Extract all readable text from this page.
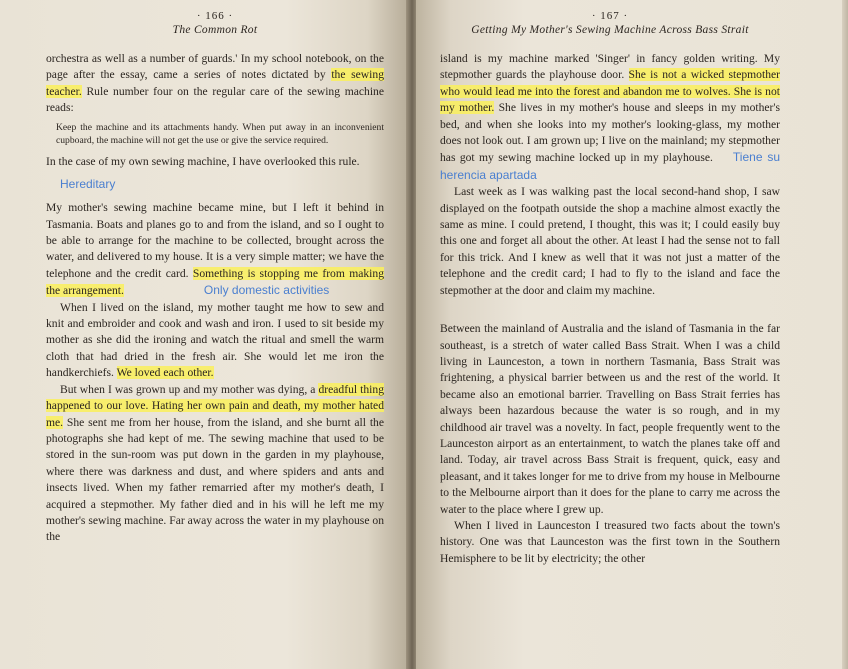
· 166 ·
The Common Rot

orchestra as well as a number of guards.' In my school notebook, on the page after the essay, came a series of notes dictated by the sewing teacher. Rule number four on the regular care of the sewing machine reads:

Keep the machine and its attachments handy. When put away in an inconvenient cupboard, the machine will not get the use or give the service required.

In the case of my own sewing machine, I have overlooked this rule.

Hereditary

My mother's sewing machine became mine, but I left it behind in Tasmania. Boats and planes go to and from the island, and so I ought to be able to arrange for the machine to be collected, brought across the water, and delivered to my house. It is a very simple matter; we have the telephone and the credit card. Something is stopping me from making the arrangement.	Only domestic activities

When I lived on the island, my mother taught me how to sew and knit and embroider and cook and wash and iron. I used to sit beside my mother as she did the ironing and watch the ritual and smell the warm cloth that had dried in the fresh air. She would let me iron the handkerchiefs. We loved each other.

But when I was grown up and my mother was dying, a dreadful thing happened to our love. Hating her own pain and death, my mother hated me. She sent me from her house, from the island, and she burnt all the photographs she had kept of me. The sewing machine that used to be stored in the sun-room was put down in the garden in my playhouse, where there was darkness and dust, and where spiders and ants and insects lived. When my father remarried after my mother's death, I acquired a stepmother. My father died and in his will he left me my mother's sewing machine. Far away across the water in my playhouse on the

· 167 ·
Getting My Mother's Sewing Machine Across Bass Strait

island is my machine marked 'Singer' in fancy golden writing. My stepmother guards the playhouse door. She is not a wicked stepmother who would lead me into the forest and abandon me to wolves. She is not my mother. She lives in my mother's house and sleeps in my mother's bed, and when she looks into my mother's looking-glass, my mother does not look out. I am grown up; I live on the mainland; my stepmother has got my sewing machine locked up in my playhouse. Tiene su herencia apartada

Last week as I was walking past the local second-hand shop, I saw displayed on the footpath outside the shop a machine almost exactly the same as mine. I could pretend, I thought, this was it; I could easily buy this one and forget all about the other. At least I had the sense not to fall for this trick. And I knew as well that it was not just a matter of the telephone and the credit card; I had to fly to the island and face the stepmother at the door and claim my machine.

Between the mainland of Australia and the island of Tasmania in the far southeast, is a stretch of water called Bass Strait. When I was a child living in Launceston, a town in northern Tasmania, Bass Strait was frightening, a physical barrier between us and the rest of the world. It became also an emotional barrier. Travelling on Bass Strait ferries has always been hazardous because the water is so rough, and in my childhood air travel was a novelty. In fact, people frequently went to the Launceston airport as an entertainment, to watch the planes take off and land. Today, air travel across Bass Strait is frequent, quick, easy and pleasant, and it takes longer for me to drive from my house in Melbourne to the Melbourne airport than it does for the plane to carry me across the water to the place where I grew up.

When I lived in Launceston I treasured two facts about the town's history. One was that Launceston was the first town in the Southern Hemisphere to be lit by electricity; the other
